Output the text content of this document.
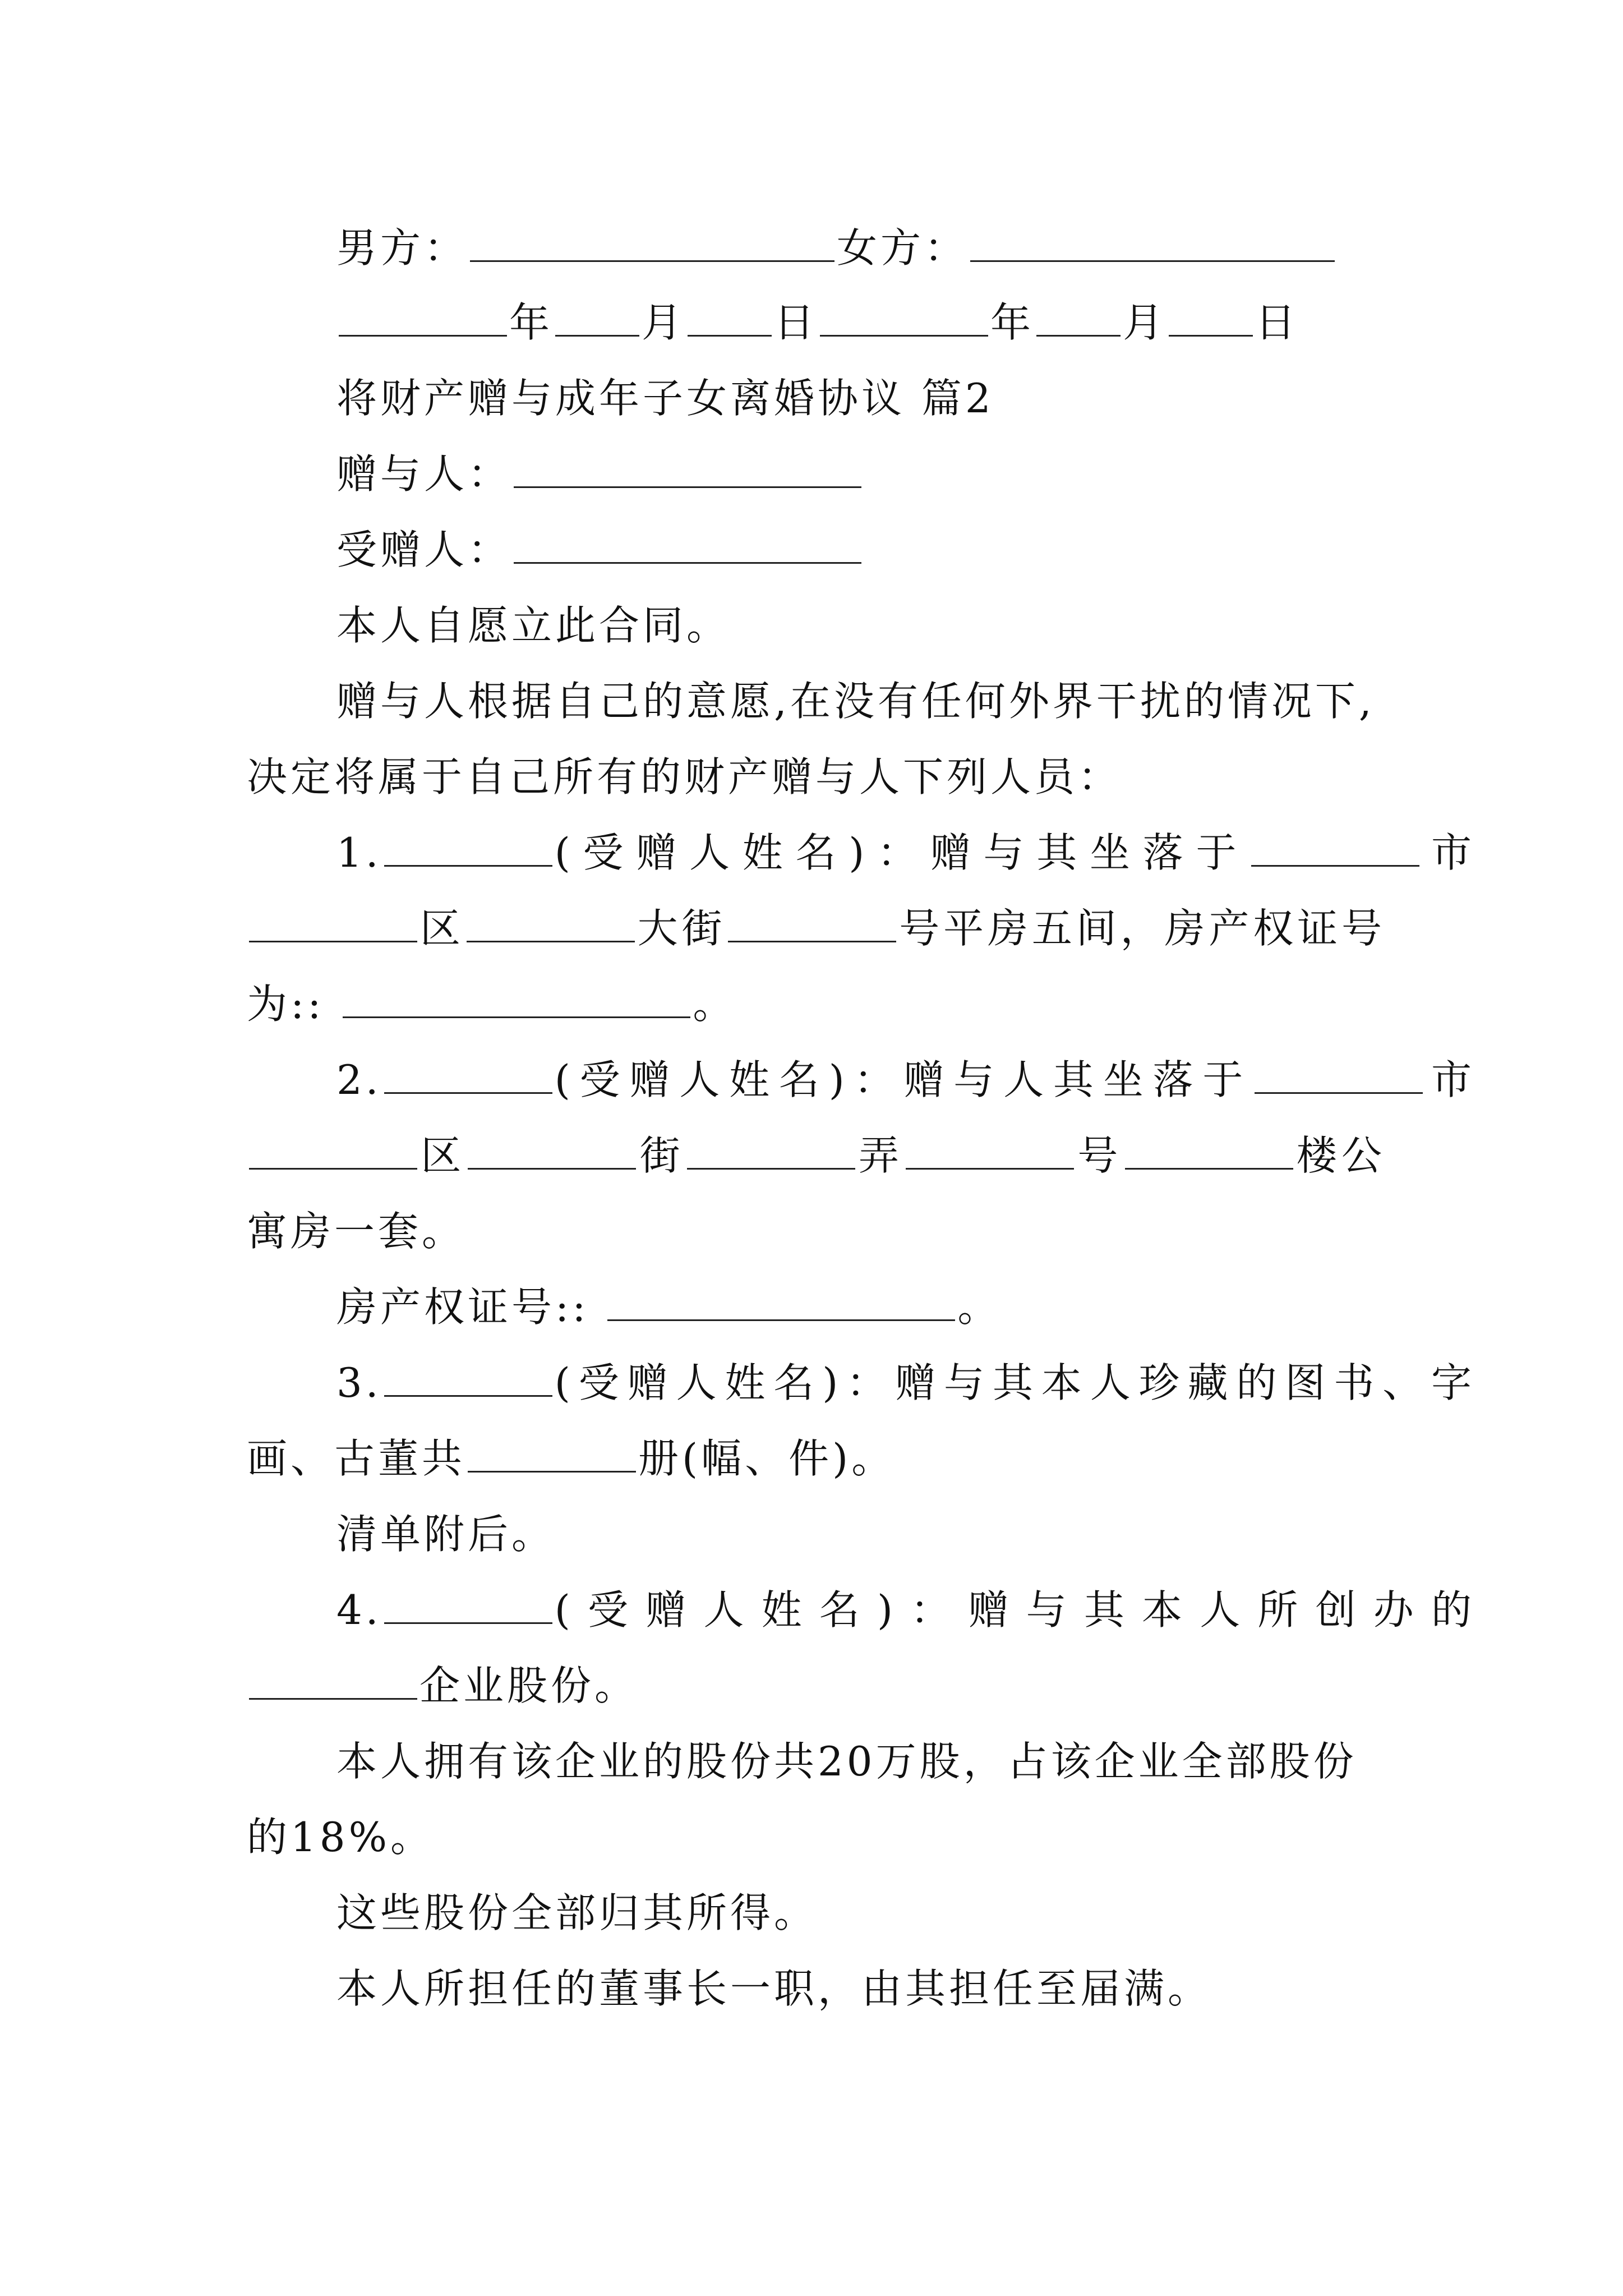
男方：	女方：
年 月 日	年 月 日
将财产赠与成年子女离婚协议 篇2
赠与人：
受赠人：
本人自愿立此合同。
赠与人根据自己的意愿,在没有任何外界干扰的情况下,
决定将属于自己所有的财产赠与人下列人员：
1.	(受赠人姓名)：赠与其坐落于	市
区	大街	号平房五间，房产权证号
为::	。
2.	(受赠人姓名)：赠与人其坐落于	市
区	街	弄	号	楼公
寓房一套。
房产权证号::	。
3.	(受赠人姓名)：赠与其本人珍藏的图书、字
画、古董共	册(幅、件)。
清单附后。
4.	(受赠人姓名)：赠与其本人所创办的
企业股份。
本人拥有该企业的股份共20万股，占该企业全部股份
的18%。
这些股份全部归其所得。
本人所担任的董事长一职，由其担任至届满。
